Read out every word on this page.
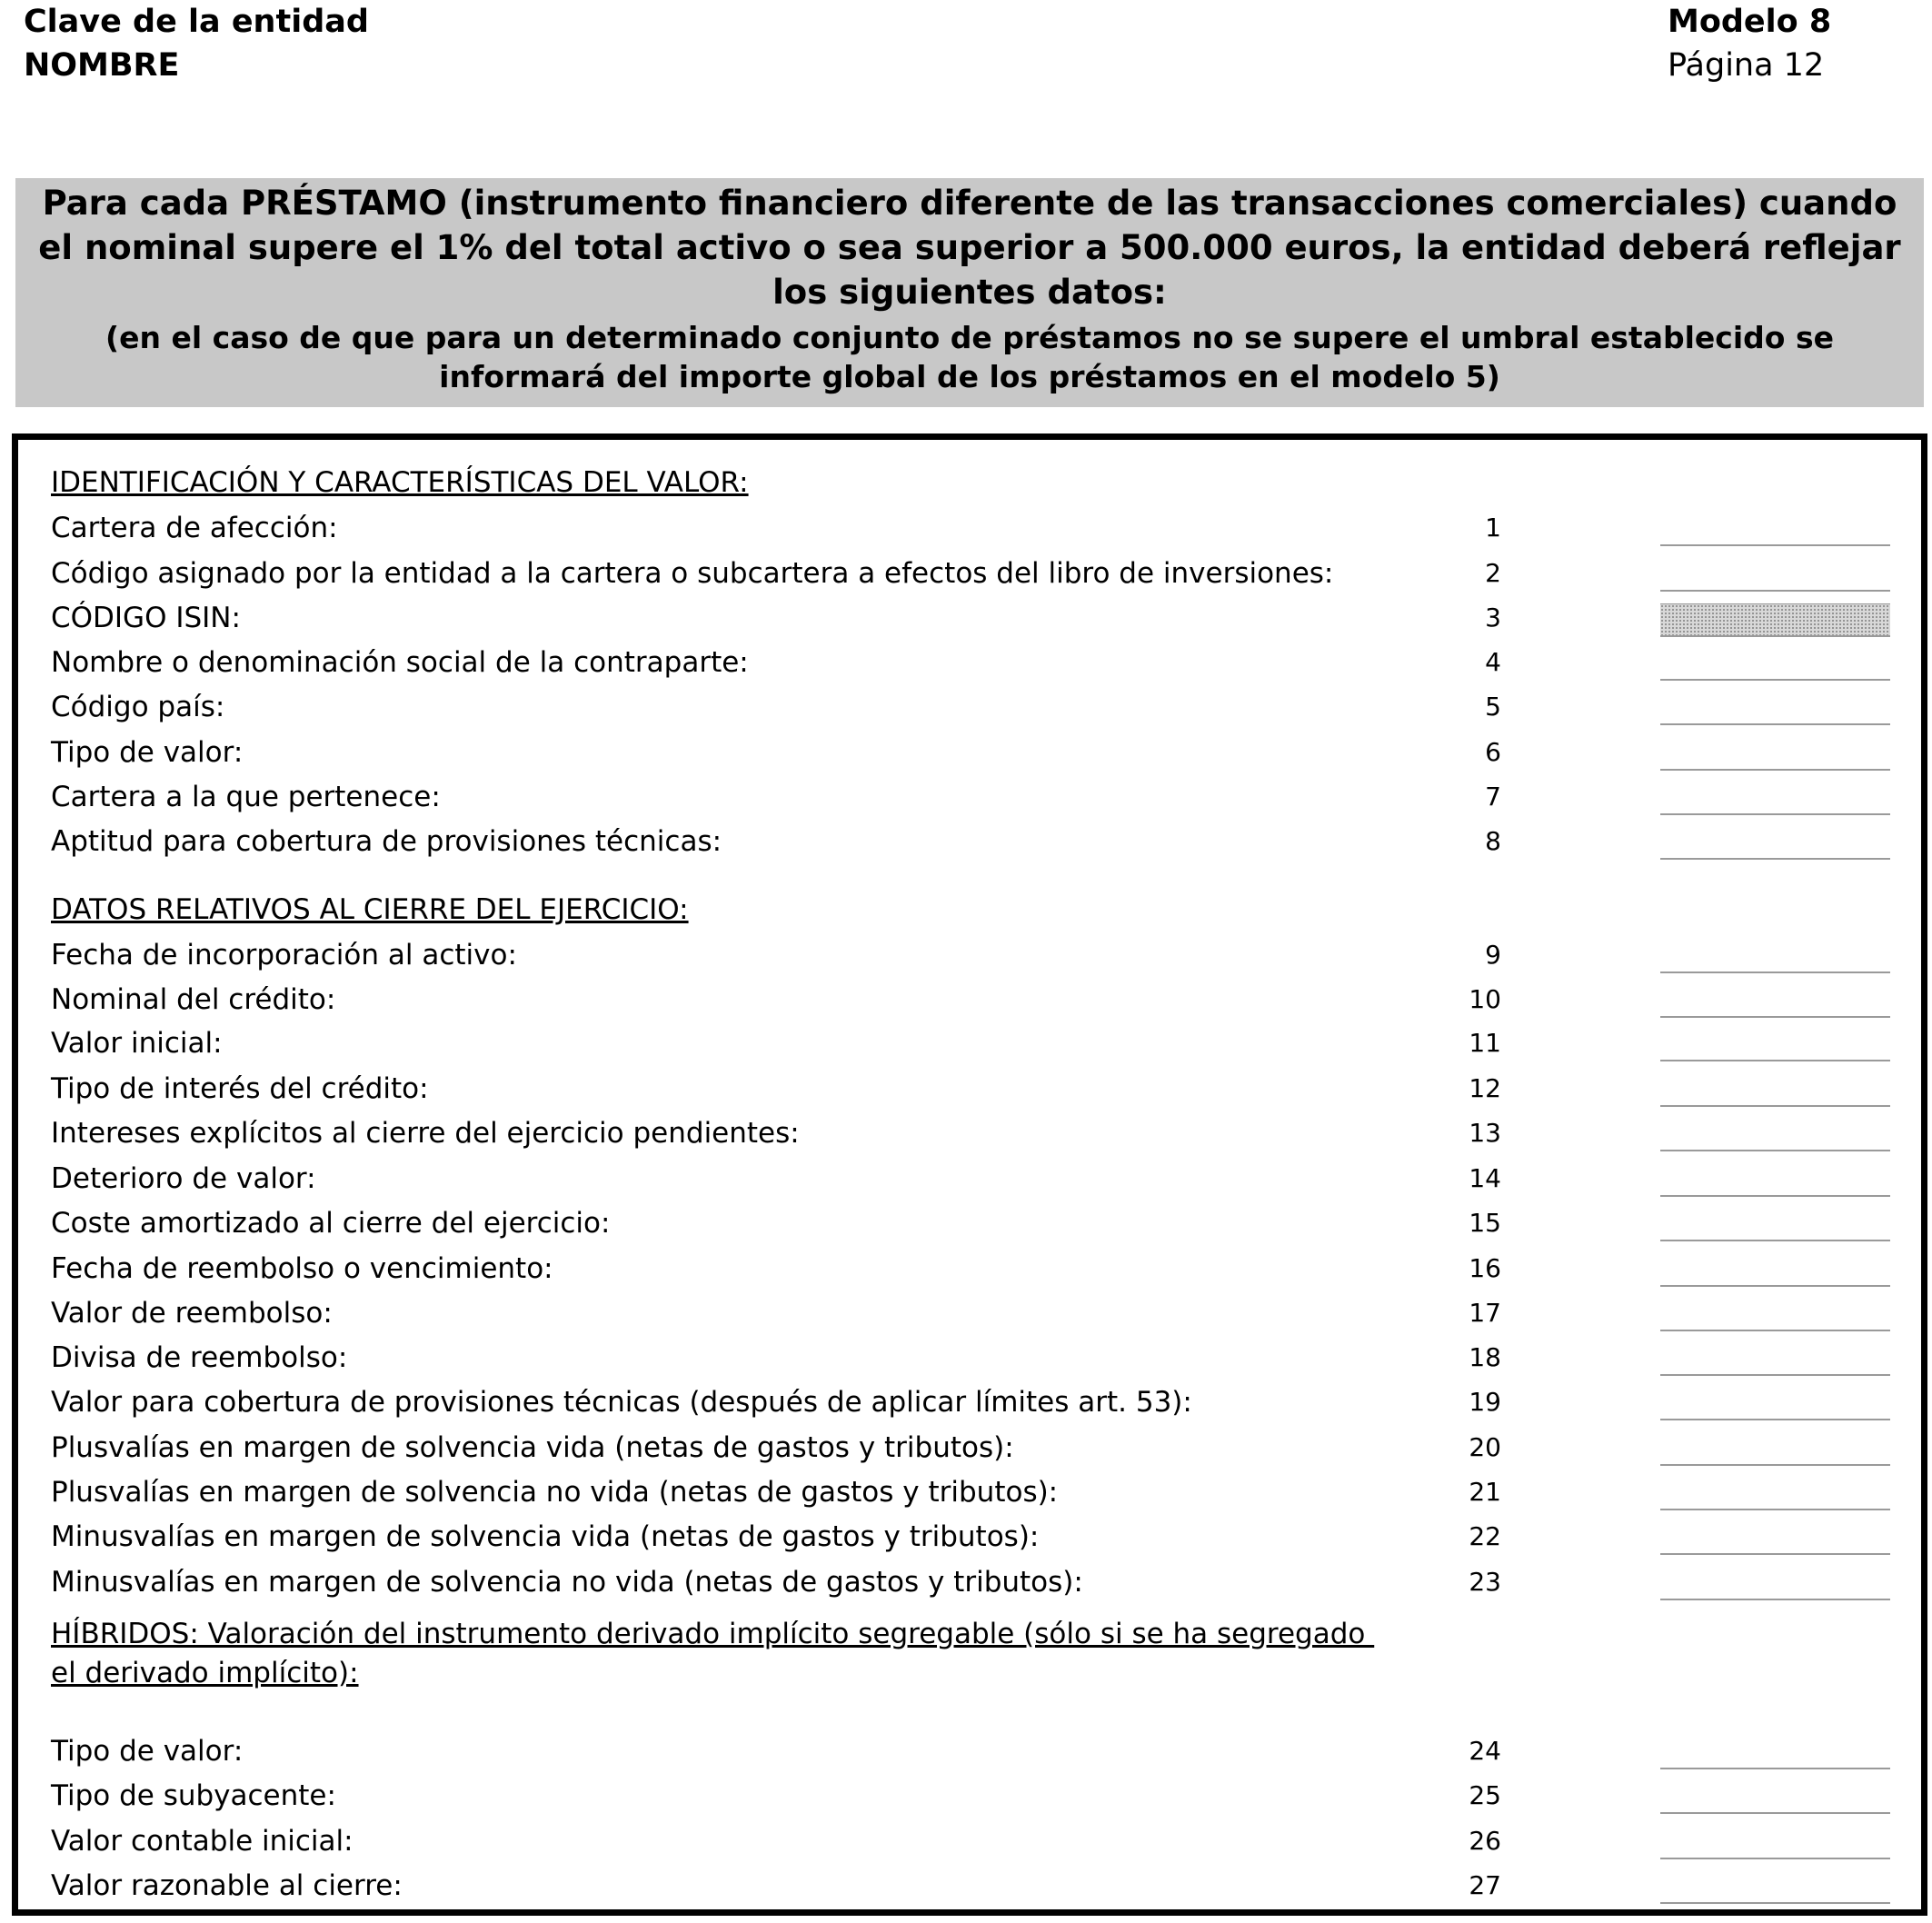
Clave de la entidad
NOMBRE
Modelo 8
Página 12
Para cada PRÉSTAMO (instrumento financiero diferente de las transacciones comerciales) cuando el nominal supere el 1% del total activo o sea superior a 500.000 euros, la entidad deberá reflejar los siguientes datos:
(en el caso de que para un determinado conjunto de préstamos no se supere el umbral establecido se informará del importe global de los préstamos en el modelo 5)
IDENTIFICACIÓN Y CARACTERÍSTICAS DEL VALOR:
DATOS RELATIVOS AL CIERRE DEL EJERCICIO:
HÍBRIDOS: Valoración del instrumento derivado implícito segregable (sólo si se ha segregado
el derivado implícito):
Cartera de afección:	1
Código asignado por la entidad a la cartera o subcartera a efectos del libro de inversiones:	2
CÓDIGO ISIN:	3
Nombre o denominación social de la contraparte:	4
Código país:	5
Tipo de valor:	6
Cartera a la que pertenece:	7
Aptitud para cobertura de provisiones técnicas:	8
Fecha de incorporación al activo:	9
Nominal del crédito:	10
Valor inicial:	11
Tipo de interés del crédito:	12
Intereses explícitos al cierre del ejercicio pendientes:	13
Deterioro de valor:	14
Coste amortizado al cierre del ejercicio:	15
Fecha de reembolso o vencimiento:	16
Valor de reembolso:	17
Divisa de reembolso:	18
Valor para cobertura de provisiones técnicas (después de aplicar límites art. 53):	19
Plusvalías en margen de solvencia vida (netas de gastos y tributos):	20
Plusvalías en margen de solvencia no vida (netas de gastos y tributos):	21
Minusvalías en margen de solvencia vida (netas de gastos y tributos):	22
Minusvalías en margen de solvencia no vida (netas de gastos y tributos):	23
Tipo de valor:	24
Tipo de subyacente:	25
Valor contable inicial:	26
Valor razonable al cierre:	27
